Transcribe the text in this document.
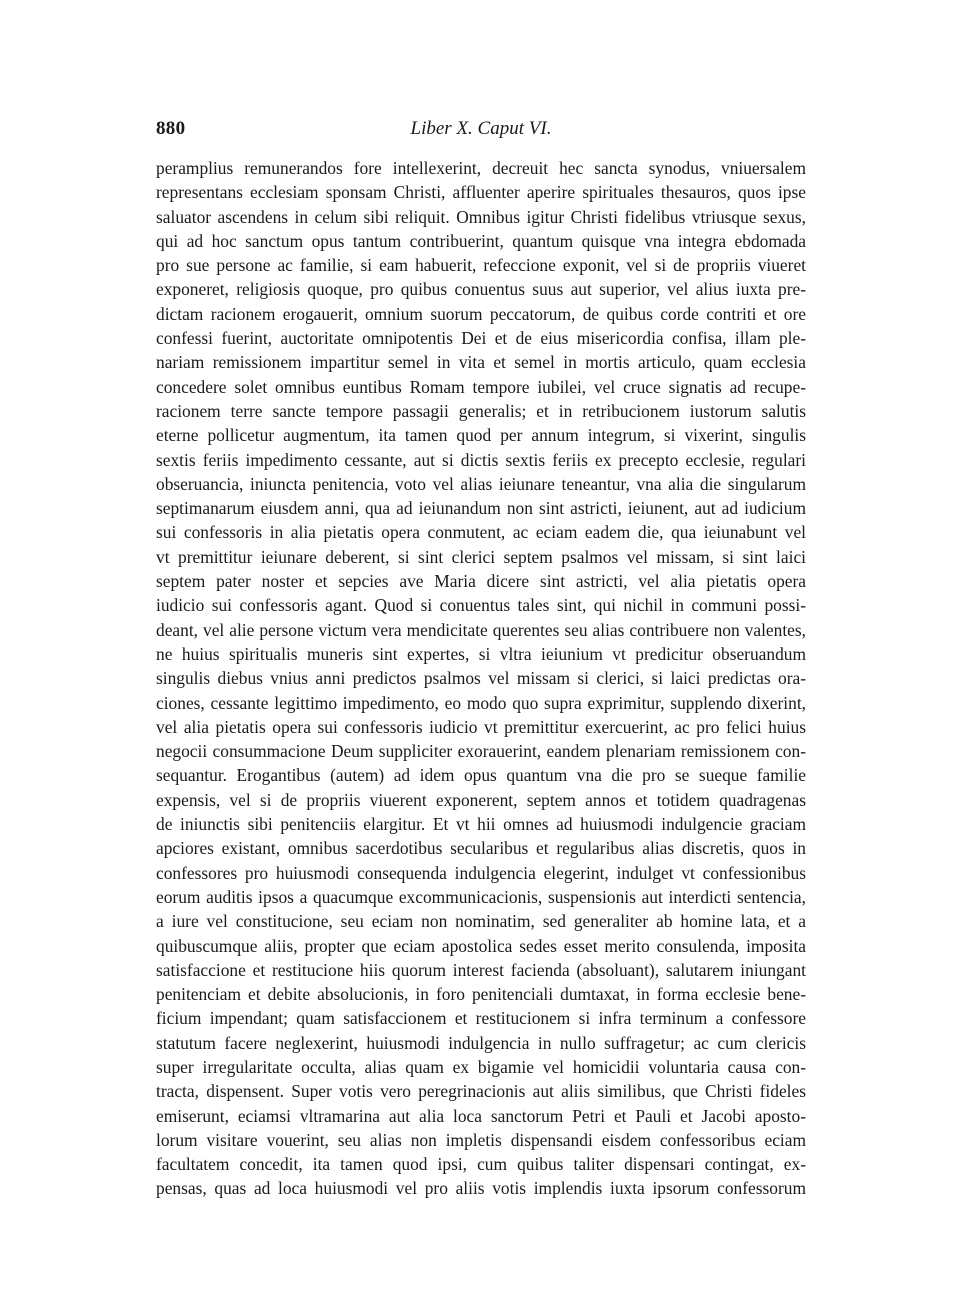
880	Liber X. Caput VI.
peramplius remunerandos fore intellexerint, decreuit hec sancta synodus, vniuersalem
representans ecclesiam sponsam Christi, affluenter aperire spirituales thesauros, quos ipse
saluator ascendens in celum sibi reliquit. Omnibus igitur Christi fidelibus vtriusque sexus,
qui ad hoc sanctum opus tantum contribuerint, quantum quisque vna integra ebdomada
pro sue persone ac familie, si eam habuerit, refeccione exponit, vel si de propriis viueret
exponeret, religiosis quoque, pro quibus conuentus suus aut superior, vel alius iuxta pre-
dictam racionem erogauerit, omnium suorum peccatorum, de quibus corde contriti et ore
confessi fuerint, auctoritate omnipotentis Dei et de eius misericordia confisa, illam ple-
nariam remissionem impartitur semel in vita et semel in mortis articulo, quam ecclesia
concedere solet omnibus euntibus Romam tempore iubilei, vel cruce signatis ad recupe-
racionem terre sancte tempore passagii generalis; et in retribucionem iustorum salutis
eterne pollicetur augmentum, ita tamen quod per annum integrum, si vixerint, singulis
sextis feriis impedimento cessante, aut si dictis sextis feriis ex precepto ecclesie, regulari
obseruancia, iniuncta penitencia, voto vel alias ieiunare teneantur, vna alia die singularum
septimanarum eiusdem anni, qua ad ieiunandum non sint astricti, ieiunent, aut ad iudicium
sui confessoris in alia pietatis opera conmutent, ac eciam eadem die, qua ieiunabunt vel
vt premittitur ieiunare deberent, si sint clerici septem psalmos vel missam, si sint laici
septem pater noster et sepcies ave Maria dicere sint astricti, vel alia pietatis opera
iudicio sui confessoris agant. Quod si conuentus tales sint, qui nichil in communi possi-
deant, vel alie persone victum vera mendicitate querentes seu alias contribuere non valentes,
ne huius spiritualis muneris sint expertes, si vltra ieiunium vt predicitur obseruandum
singulis diebus vnius anni predictos psalmos vel missam si clerici, si laici predictas ora-
ciones, cessante legittimo impedimento, eo modo quo supra exprimitur, supplendo dixerint,
vel alia pietatis opera sui confessoris iudicio vt premittitur exercuerint, ac pro felici huius
negocii consummacione Deum suppliciter exorauerint, eandem plenariam remissionem con-
sequantur. Erogantibus (autem) ad idem opus quantum vna die pro se sueque familie
expensis, vel si de propriis viuerent exponerent, septem annos et totidem quadragenas
de iniunctis sibi penitenciis elargitur. Et vt hii omnes ad huiusmodi indulgencie graciam
apciores existant, omnibus sacerdotibus secularibus et regularibus alias discretis, quos in
confessores pro huiusmodi consequenda indulgencia elegerint, indulget vt confessionibus
eorum auditis ipsos a quacumque excommunicacionis, suspensionis aut interdicti sentencia,
a iure vel constitucione, seu eciam non nominatim, sed generaliter ab homine lata, et a
quibuscumque aliis, propter que eciam apostolica sedes esset merito consulenda, imposita
satisfaccione et restitucione hiis quorum interest facienda (absoluant), salutarem iniungant
penitenciam et debite absolucionis, in foro penitenciali dumtaxat, in forma ecclesie bene-
ficium impendant; quam satisfaccionem et restitucionem si infra terminum a confessore
statutum facere neglexerint, huiusmodi indulgencia in nullo suffragetur; ac cum clericis
super irregularitate occulta, alias quam ex bigamie vel homicidii voluntaria causa con-
tracta, dispensent. Super votis vero peregrinacionis aut aliis similibus, que Christi fideles
emiserunt, eciamsi vltramarina aut alia loca sanctorum Petri et Pauli et Jacobi aposto-
lorum visitare vouerint, seu alias non impletis dispensandi eisdem confessoribus eciam
facultatem concedit, ita tamen quod ipsi, cum quibus taliter dispensari contingat, ex-
pensas, quas ad loca huiusmodi vel pro aliis votis implendis iuxta ipsorum confessorum
